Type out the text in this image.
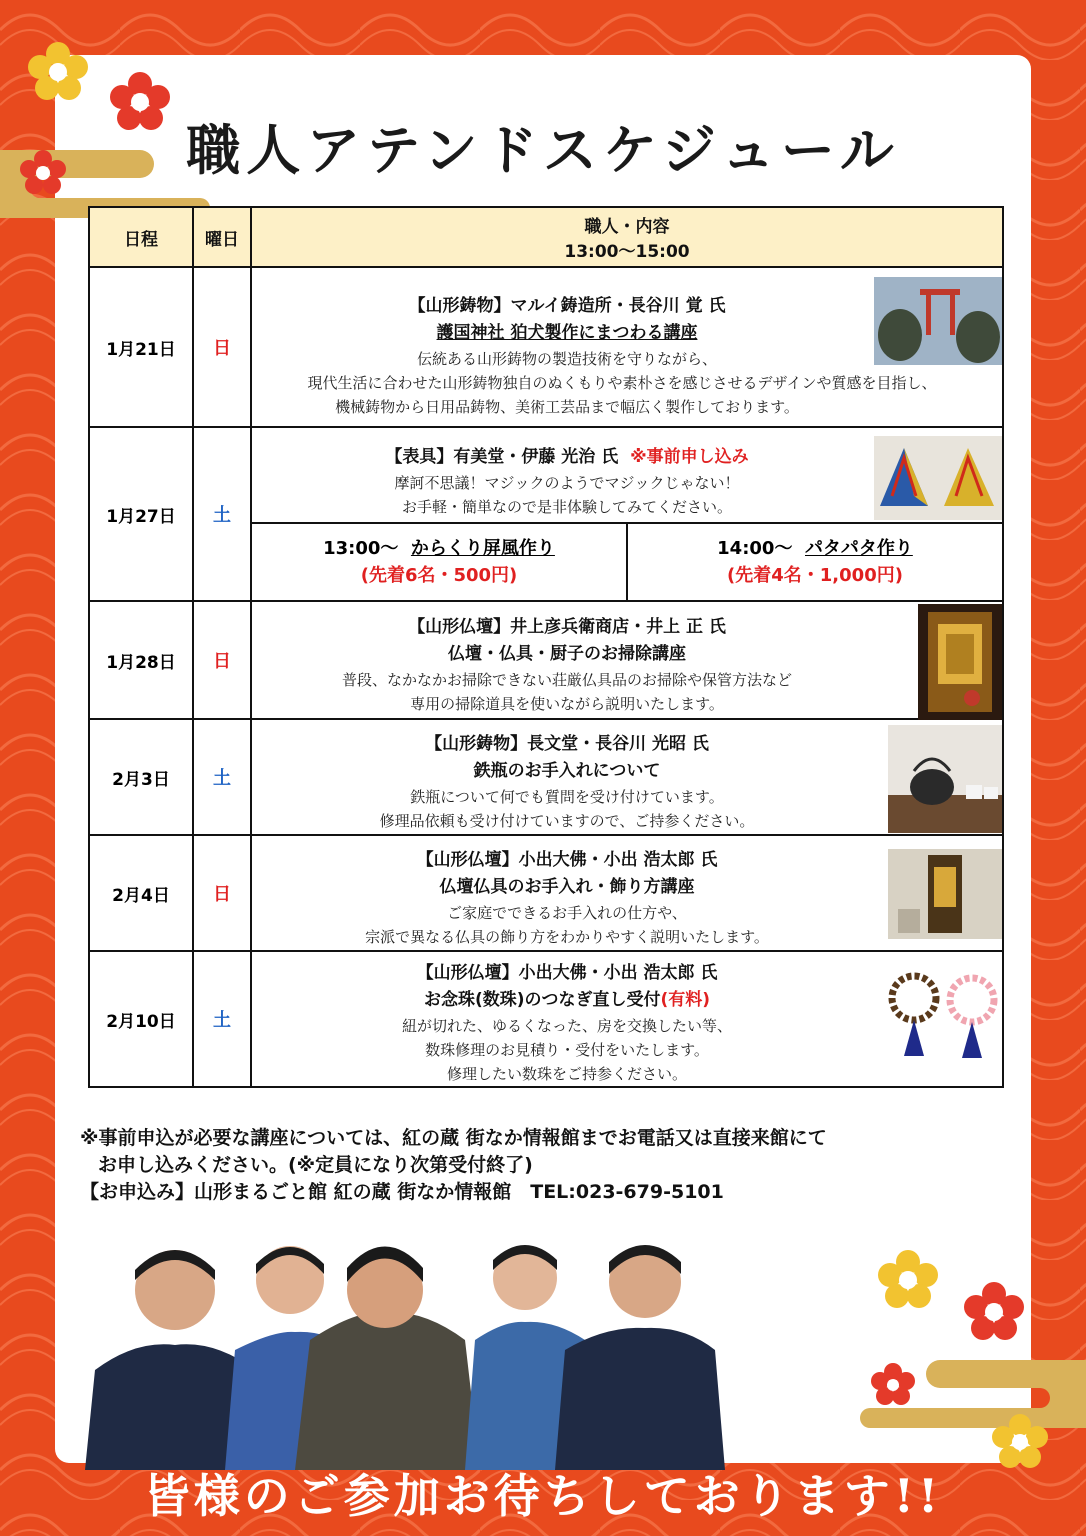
職人アテンドスケジュール
日程	曜日	
職人・内容
13:00〜15:00

1月21日	日	
【山形鋳物】マルイ鋳造所・長谷川 覚 氏
護国神社 狛犬製作にまつわる講座
伝統ある山形鋳物の製造技術を守りながら、
現代生活に合わせた山形鋳物独自のぬくもりや素朴さを感じさせるデザインや質感を目指し、
機械鋳物から日用品鋳物、美術工芸品まで幅広く製作しております。

1月27日	土	
【表具】有美堂・伊藤 光治 氏 ※事前申し込み
摩訶不思議！マジックのようでマジックじゃない！
お手軽・簡単なので是非体験してみてください。

13:00〜 からくり屏風作り
(先着6名・500円)

14:00〜 パタパタ作り
(先着4名・1,000円)

1月28日	日	
【山形仏壇】井上彦兵衛商店・井上 正 氏
仏壇・仏具・厨子のお掃除講座
普段、なかなかお掃除できない荘厳仏具品のお掃除や保管方法など
専用の掃除道具を使いながら説明いたします。

2月3日	土	
【山形鋳物】長文堂・長谷川 光昭 氏
鉄瓶のお手入れについて
鉄瓶について何でも質問を受け付けています。
修理品依頼も受け付けていますので、ご持参ください。

2月4日	日	
【山形仏壇】小出大佛・小出 浩太郎 氏
仏壇仏具のお手入れ・飾り方講座
ご家庭でできるお手入れの仕方や、
宗派で異なる仏具の飾り方をわかりやすく説明いたします。

2月10日	土	
【山形仏壇】小出大佛・小出 浩太郎 氏
お念珠(数珠)のつなぎ直し受付(有料)
紐が切れた、ゆるくなった、房を交換したい等、
数珠修理のお見積り・受付をいたします。
修理したい数珠をご持参ください。
※事前申込が必要な講座については、紅の蔵 街なか情報館までお電話又は直接来館にて
お申し込みください。(※定員になり次第受付終了)
【お申込み】山形まるごと館 紅の蔵 街なか情報館　TEL:023-679-5101
皆様のご参加お待ちしております!!
